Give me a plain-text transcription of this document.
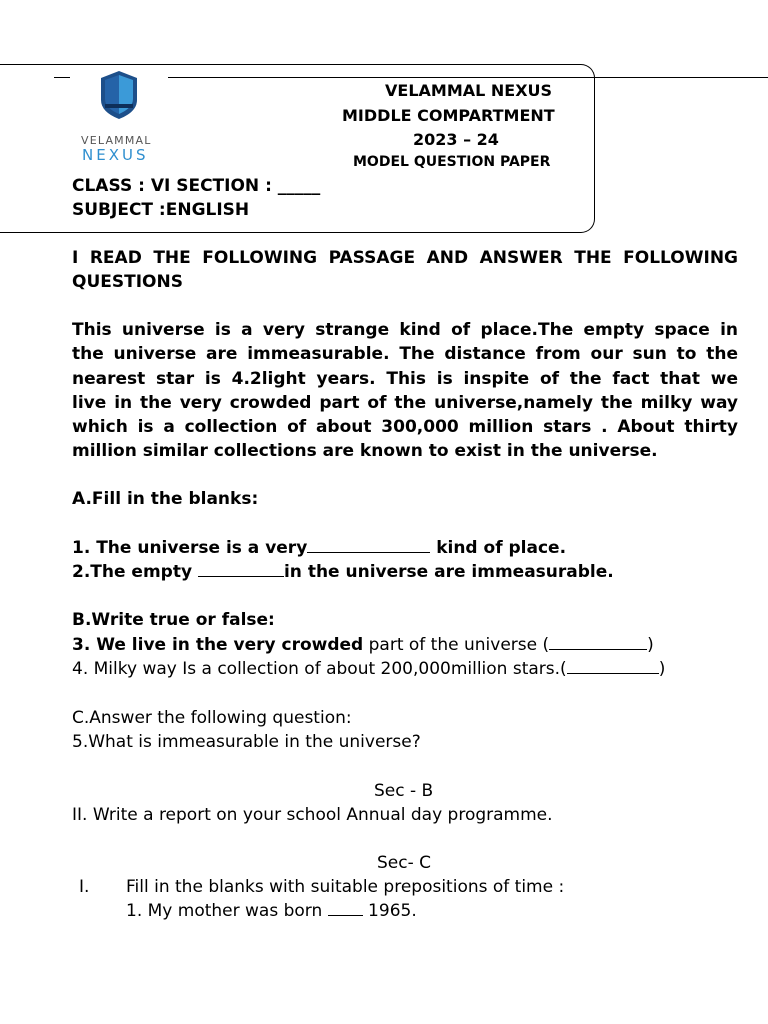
VELAMMAL
NEXUS
VELAMMAL NEXUS
MIDDLE COMPARTMENT
2023 – 24
MODEL QUESTION PAPER
CLASS : VI SECTION : _____
SUBJECT :ENGLISH
I READ THE FOLLOWING PASSAGE AND ANSWER THE FOLLOWING
QUESTIONS
This universe is a very strange kind of place.The empty space in
the universe are immeasurable. The distance from our sun to the
nearest star is 4.2light years. This is inspite of the fact that we
live in the very crowded part of the universe,namely the milky way
which is a collection of about 300,000 million stars . About thirty
million similar collections are known to exist in the universe.
A.Fill in the blanks:
1. The universe is a very	kind of place.
2.The empty	in the universe are immeasurable.
B.Write true or false:
3. We live in the very crowded part of the universe (	)
4. Milky way Is a collection of about 200,000million stars.(	)
C.Answer the following question:
5.What is immeasurable in the universe?
Sec - B
II. Write a report on your school Annual day programme.
Sec- C
I. Fill in the blanks with suitable prepositions of time :
1. My mother was born  1965.
